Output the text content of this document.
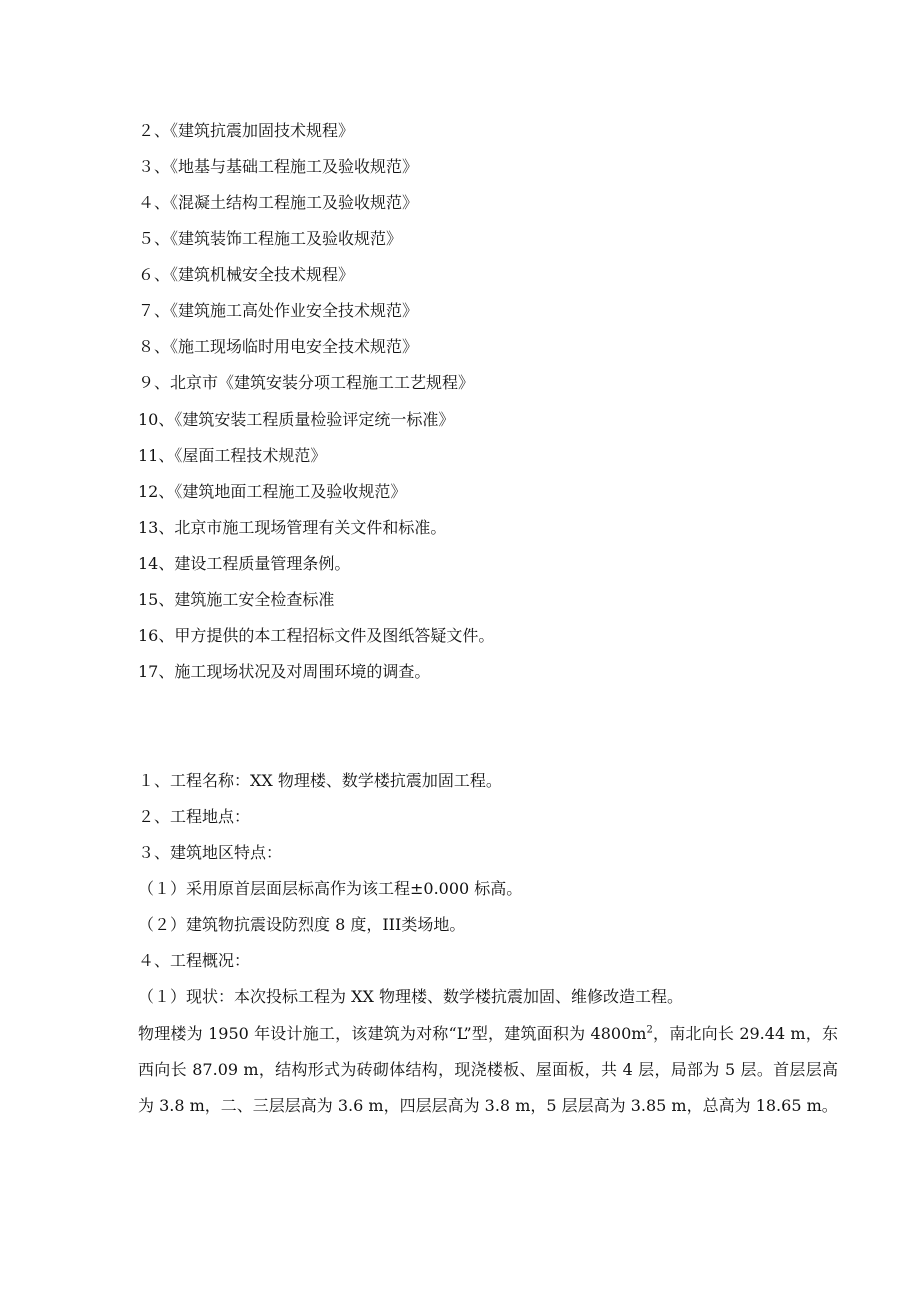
２、《建筑抗震加固技术规程》

３、《地基与基础工程施工及验收规范》

４、《混凝土结构工程施工及验收规范》

５、《建筑装饰工程施工及验收规范》

６、《建筑机械安全技术规程》

７、《建筑施工高处作业安全技术规范》

８、《施工现场临时用电安全技术规范》

９、北京市《建筑安装分项工程施工工艺规程》

10、《建筑安装工程质量检验评定统一标准》

11、《屋面工程技术规范》

12、《建筑地面工程施工及验收规范》

13、北京市施工现场管理有关文件和标准。

14、建设工程质量管理条例。

15、建筑施工安全检查标准

16、甲方提供的本工程招标文件及图纸答疑文件。

17、施工现场状况及对周围环境的调查。

１、工程名称：XX 物理楼、数学楼抗震加固工程。

２、工程地点：

３、建筑地区特点：

（１）采用原首层面层标高作为该工程±0.000 标高。

（２）建筑物抗震设防烈度 8 度，III类场地。

４、工程概况：

（１）现状：本次投标工程为 XX 物理楼、数学楼抗震加固、维修改造工程。

物理楼为 1950 年设计施工，该建筑为对称“L”型，建筑面积为 $4800m^2$，南北向长 29.44 m，东西向长 87.09 m，结构形式为砖砌体结构，现浇楼板、屋面板，共 4 层，局部为 5 层。首层层高为 3.8 m，二、三层层高为 3.6 m，四层层高为 3.8 m，5 层层高为 3.85 m，总高为 18.65 m。
